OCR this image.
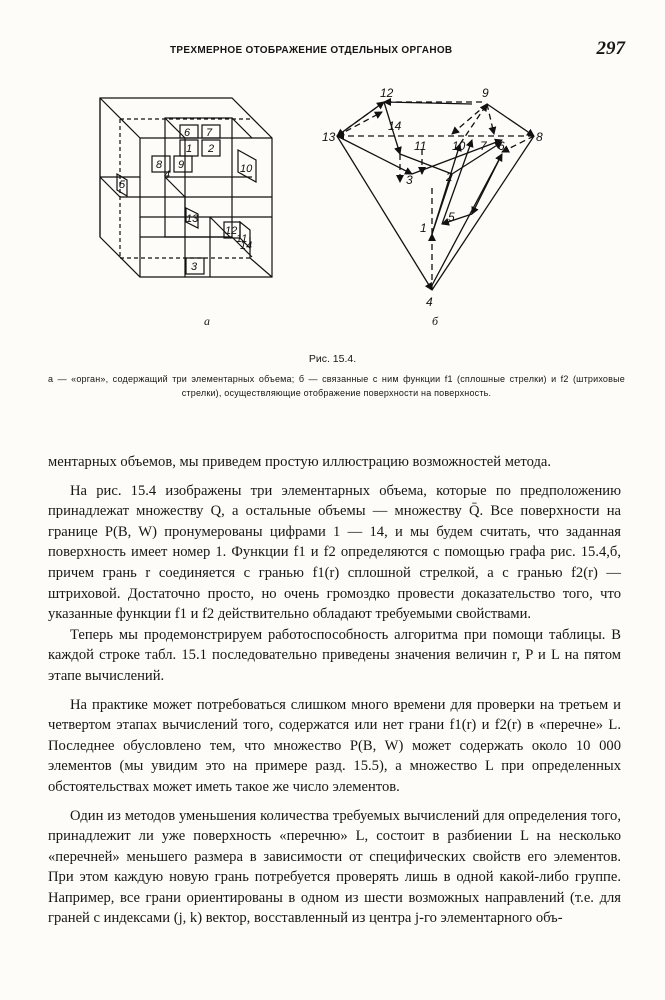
ТРЕХМЕРНОЕ ОТОБРАЖЕНИЕ ОТДЕЛЬНЫХ ОРГАНОВ	297
6 7
1 2
8 9
4
5
10
13
12
11
14
3
а
12	9
13	8
14
11 10 7 6
3	2
5
1
4
б
Рис. 15.4.
а — «орган», содержащий три элементарных объема; б — связанные с ним функции f1 (сплошные стрелки) и f2 (штриховые стрелки), осуществляющие отображение поверхности на поверхность.

ментарных объемов, мы приведем простую иллюстрацию возможностей метода.

На рис. 15.4 изображены три элементарных объема, которые по предположению принадлежат множеству Q, а остальные объемы — множеству Q̄. Все поверхности на границе P(B, W) пронумерованы цифрами 1 — 14, и мы будем считать, что заданная поверхность имеет номер 1. Функции f1 и f2 определяются с помощью графа рис. 15.4,б, причем грань r соединяется с гранью f1(r) сплошной стрелкой, а с гранью f2(r) — штриховой. Достаточно просто, но очень громоздко провести доказательство того, что указанные функции f1 и f2 действительно обладают требуемыми свойствами.

Теперь мы продемонстрируем работоспособность алгоритма при помощи таблицы. В каждой строке табл. 15.1 последовательно приведены значения величин r, P и L на пятом этапе вычислений.

На практике может потребоваться слишком много времени для проверки на третьем и четвертом этапах вычислений того, содержатся или нет грани f1(r) и f2(r) в «перечне» L. Последнее обусловлено тем, что множество P(B, W) может содержать около 10 000 элементов (мы увидим это на примере разд. 15.5), а множество L при определенных обстоятельствах может иметь такое же число элементов.

Один из методов уменьшения количества требуемых вычислений для определения того, принадлежит ли уже поверхность «перечню» L, состоит в разбиении L на несколько «перечней» меньшего размера в зависимости от специфических свойств его элементов. При этом каждую новую грань потребуется проверять лишь в одной какой-либо группе. Например, все грани ориентированы в одном из шести возможных направлений (т.е. для граней с индексами (j, k) вектор, восставленный из центра j-го элементарного объ-
